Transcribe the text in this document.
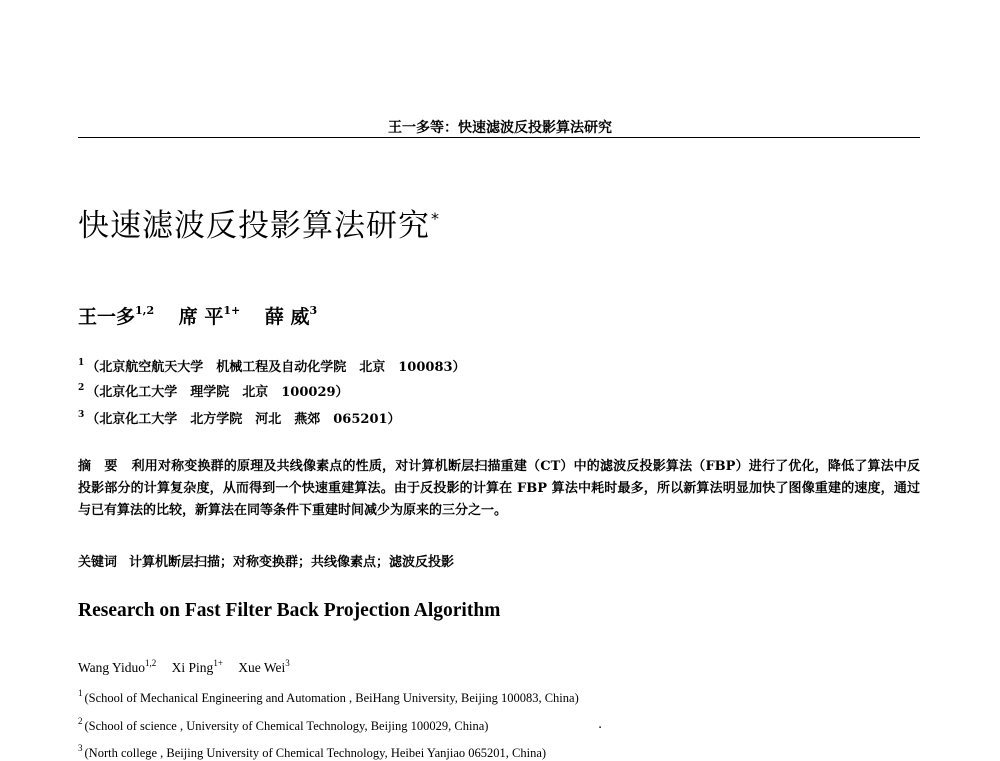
王一多等：快速滤波反投影算法研究
快速滤波反投影算法研究*
王一多$^{1,2}$ 席 平$^{1+}$ 薛 威$^3$
$^1$ （北京航空航天大学　机械工程及自动化学院　北京　100083）
$^2$ （北京化工大学　理学院　北京　100029）
$^3$ （北京化工大学　北方学院　河北　燕郊　065201）
摘　要 利用对称变换群的原理及共线像素点的性质，对计算机断层扫描重建（CT）中的滤波反投影算法（FBP）进行了优化，降低了算法中反投影部分的计算复杂度，从而得到一个快速重建算法。由于反投影的计算在 FBP 算法中耗时最多，所以新算法明显加快了图像重建的速度，通过与已有算法的比较，新算法在同等条件下重建时间减少为原来的三分之一。
关键词 计算机断层扫描；对称变换群；共线像素点；滤波反投影
Research on Fast Filter Back Projection Algorithm
Wang Yiduo$^{1,2}$ Xi Ping$^{1+}$ Xue Wei$^3$
$^1$ (School of Mechanical Engineering and Automation , BeiHang University, Beijing 100083, China)
$^2$ (School of science , University of Chemical Technology, Beijing 100029, China)
$^3$ (North college , Beijing University of Chemical Technology, Heibei Yanjiao 065201, China)
.
